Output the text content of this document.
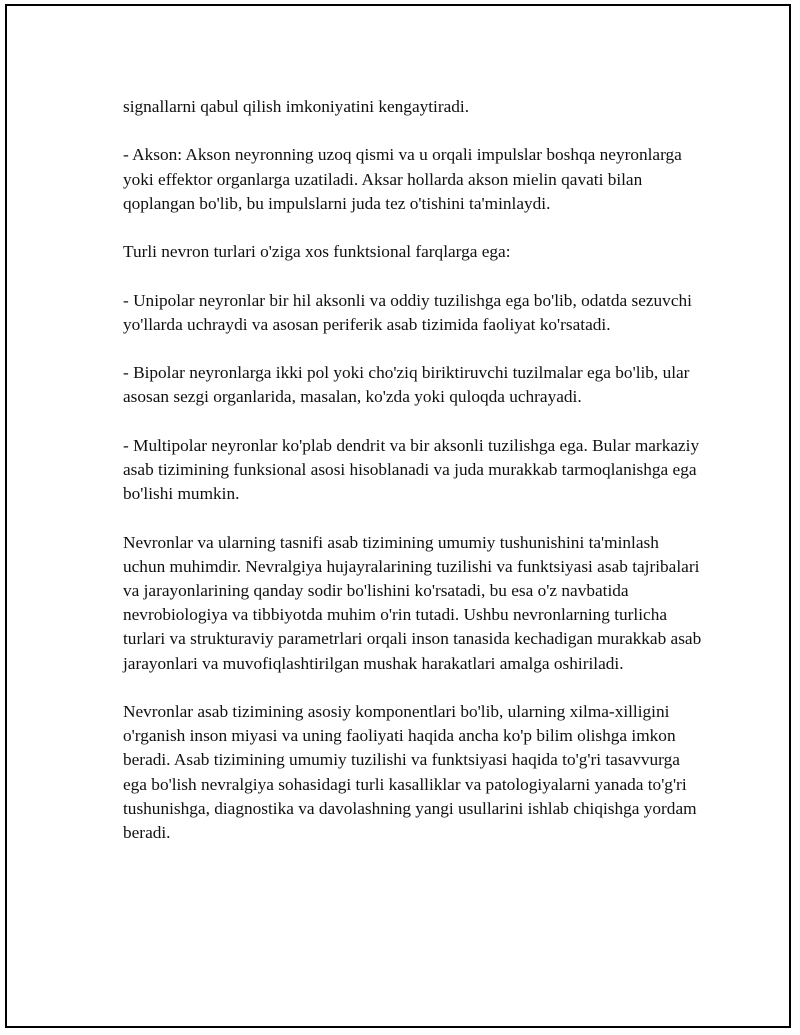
signallarni qabul qilish imkoniyatini kengaytiradi.

- Akson: Akson neyronning uzoq qismi va u orqali impulslar boshqa neyronlarga yoki effektor organlarga uzatiladi. Aksar hollarda akson mielin qavati bilan qoplangan bo'lib, bu impulslarni juda tez o'tishini ta'minlaydi.

Turli nevron turlari o'ziga xos funktsional farqlarga ega:

- Unipolar neyronlar bir hil aksonli va oddiy tuzilishga ega bo'lib, odatda sezuvchi yo'llarda uchraydi va asosan periferik asab tizimida faoliyat ko'rsatadi.

- Bipolar neyronlarga ikki pol yoki cho'ziq biriktiruvchi tuzilmalar ega bo'lib, ular asosan sezgi organlarida, masalan, ko'zda yoki quloqda uchrayadi.

- Multipolar neyronlar ko'plab dendrit va bir aksonli tuzilishga ega. Bular markaziy asab tizimining funksional asosi hisoblanadi va juda murakkab tarmoqlanishga ega bo'lishi mumkin.

Nevronlar va ularning tasnifi asab tizimining umumiy tushunishini ta'minlash uchun muhimdir. Nevralgiya hujayralarining tuzilishi va funktsiyasi asab tajribalari va jarayonlarining qanday sodir bo'lishini ko'rsatadi, bu esa o'z navbatida nevrobiologiya va tibbiyotda muhim o'rin tutadi. Ushbu nevronlarning turlicha turlari va strukturaviy parametrlari orqali inson tanasida kechadigan murakkab asab jarayonlari va muvofiqlashtirilgan mushak harakatlari amalga oshiriladi.

Nevronlar asab tizimining asosiy komponentlari bo'lib, ularning xilma-xilligini o'rganish inson miyasi va uning faoliyati haqida ancha ko'p bilim olishga imkon beradi. Asab tizimining umumiy tuzilishi va funktsiyasi haqida to'g'ri tasavvurga ega bo'lish nevralgiya sohasidagi turli kasalliklar va patologiyalarni yanada to'g'ri tushunishga, diagnostika va davolashning yangi usullarini ishlab chiqishga yordam beradi.
